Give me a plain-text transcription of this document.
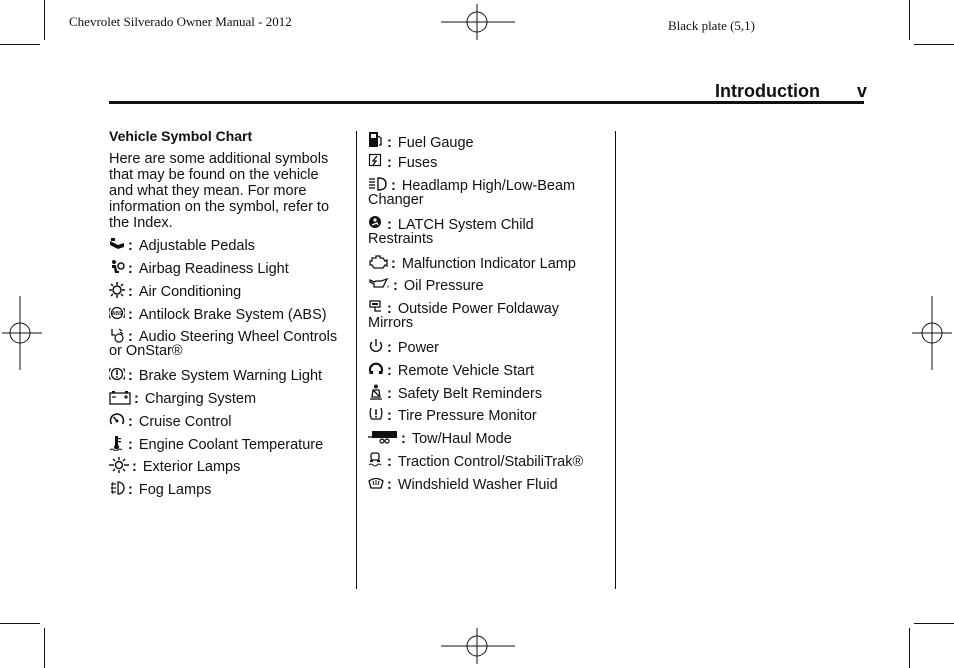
Chevrolet Silverado Owner Manual - 2012	Black plate (5,1)
Introduction v
Vehicle Symbol Chart
Here are some additional symbols
that may be found on the vehicle
and what they mean. For more
information on the symbol, refer to
the Index.
: Adjustable Pedals
: Airbag Readiness Light
: Air Conditioning
ABS : Antilock Brake System (ABS)
: Audio Steering Wheel Controls
or OnStar®
: Brake System Warning Light
: Charging System
: Cruise Control
: Engine Coolant Temperature
: Exterior Lamps
: Fog Lamps
: Fuel Gauge
: Fuses
: Headlamp High/Low-Beam
Changer
: LATCH System Child
Restraints
: Malfunction Indicator Lamp
: Oil Pressure
: Outside Power Foldaway
Mirrors
: Power
: Remote Vehicle Start
: Safety Belt Reminders
: Tire Pressure Monitor
: Tow/Haul Mode
: Traction Control/StabiliTrak®
: Windshield Washer Fluid
